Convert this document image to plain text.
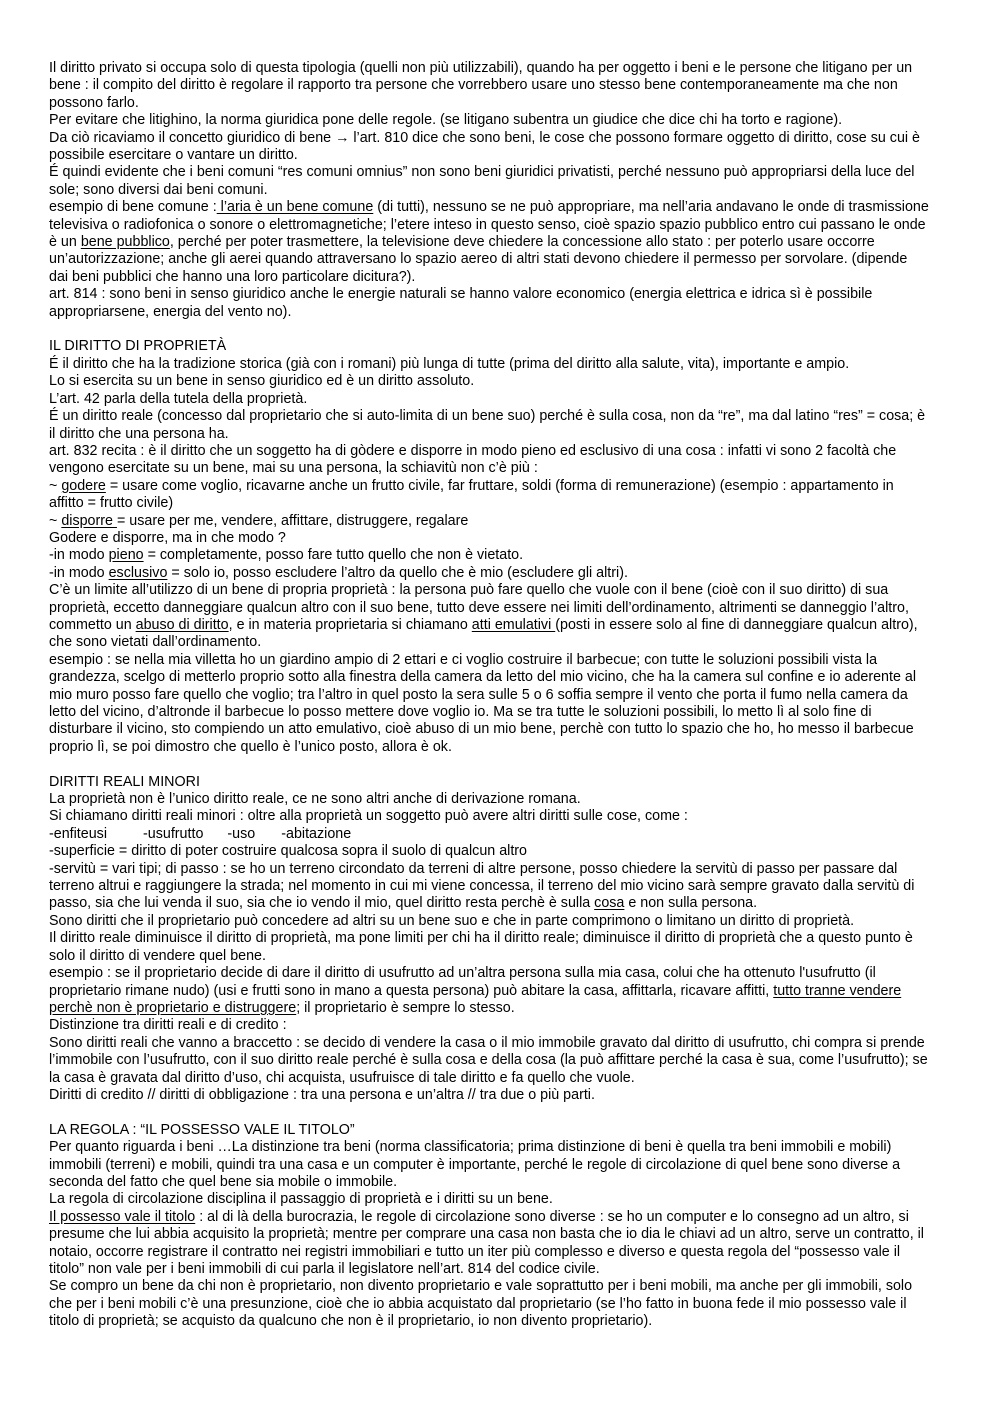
Il diritto privato si occupa solo di questa tipologia (quelli non più utilizzabili), quando ha per oggetto i beni e le persone che litigano per un bene : il compito del diritto è regolare il rapporto tra persone che vorrebbero usare uno stesso bene contemporaneamente ma che non possono farlo.

Per evitare che litighino, la norma giuridica pone delle regole. (se litigano subentra un giudice che dice chi ha torto e ragione).

Da ciò ricaviamo il concetto giuridico di bene → l’art. 810 dice che sono beni, le cose che possono formare oggetto di diritto, cose su cui è possibile esercitare o vantare un diritto.

É quindi evidente che i beni comuni “res comuni omnius” non sono beni giuridici privatisti, perché nessuno può appropriarsi della luce del sole; sono diversi dai beni comuni.

esempio di bene comune : l’aria è un bene comune (di tutti), nessuno se ne può appropriare, ma nell’aria andavano le onde di trasmissione televisiva o radiofonica o sonore o elettromagnetiche; l’etere inteso in questo senso, cioè spazio spazio pubblico entro cui passano le onde è un bene pubblico, perché per poter trasmettere, la televisione deve chiedere la concessione allo stato : per poterlo usare occorre un’autorizzazione; anche gli aerei quando attraversano lo spazio aereo di altri stati devono chiedere il permesso per sorvolare. (dipende dai beni pubblici che hanno una loro particolare dicitura?).

art. 814 : sono beni in senso giuridico anche le energie naturali se hanno valore economico (energia elettrica e idrica sì è possibile appropriarsene, energia del vento no).

IL DIRITTO DI PROPRIETÀ

É il diritto che ha la tradizione storica (già con i romani) più lunga di tutte (prima del diritto alla salute, vita), importante e ampio.

Lo si esercita su un bene in senso giuridico ed è un diritto assoluto.

L’art. 42 parla della tutela della proprietà.

É un diritto reale (concesso dal proprietario che si auto-limita di un bene suo) perché è sulla cosa, non da “re”, ma dal latino “res” = cosa; è il diritto che una persona ha.

art. 832 recita : è il diritto che un soggetto ha di gòdere e disporre in modo pieno ed esclusivo di una cosa : infatti vi sono 2 facoltà che vengono esercitate su un bene, mai su una persona, la schiavitù non c’è più :

~ godere = usare come voglio, ricavarne anche un frutto civile, far fruttare, soldi (forma di remunerazione) (esempio : appartamento in affitto = frutto civile)

~ disporre = usare per me, vendere, affittare, distruggere, regalare

Godere e disporre, ma in che modo ?

-in modo pieno = completamente, posso fare tutto quello che non è vietato.

-in modo esclusivo = solo io, posso escludere l’altro da quello che è mio (escludere gli altri).

C’è un limite all’utilizzo di un bene di propria proprietà : la persona può fare quello che vuole con il bene (cioè con il suo diritto) di sua proprietà, eccetto danneggiare qualcun altro con il suo bene, tutto deve essere nei limiti dell’ordinamento, altrimenti se danneggio l’altro, commetto un abuso di diritto, e in materia proprietaria si chiamano atti emulativi (posti in essere solo al fine di danneggiare qualcun altro), che sono vietati dall’ordinamento.

esempio : se nella mia villetta ho un giardino ampio di 2 ettari e ci voglio costruire il barbecue; con tutte le soluzioni possibili vista la grandezza, scelgo di metterlo proprio sotto alla finestra della camera da letto del mio vicino, che ha la camera sul confine e io aderente al mio muro posso fare quello che voglio; tra l’altro in quel posto la sera sulle 5 o 6 soffia sempre il vento che porta il fumo nella camera da letto del vicino, d’altronde il barbecue lo posso mettere dove voglio io. Ma se tra tutte le soluzioni possibili, lo metto lì al solo fine di disturbare il vicino, sto compiendo un atto emulativo, cioè abuso di un mio bene, perchè con tutto lo spazio che ho, ho messo il barbecue proprio lì, se poi dimostro che quello è l’unico posto, allora è ok.

DIRITTI REALI MINORI

La proprietà non è l’unico diritto reale, ce ne sono altri anche di derivazione romana.

Si chiamano diritti reali minori : oltre alla proprietà un soggetto può avere altri diritti sulle cose, come :

-enfiteusi	-usufrutto -uso -abitazione

-superficie = diritto di poter costruire qualcosa sopra il suolo di qualcun altro

-servitù = vari tipi; di passo : se ho un terreno circondato da terreni di altre persone, posso chiedere la servitù di passo per passare dal terreno altrui e raggiungere la strada; nel momento in cui mi viene concessa, il terreno del mio vicino sarà sempre gravato dalla servitù di passo, sia che lui venda il suo, sia che io vendo il mio, quel diritto resta perchè è sulla cosa e non sulla persona.

Sono diritti che il proprietario può concedere ad altri su un bene suo e che in parte comprimono o limitano un diritto di proprietà.

Il diritto reale diminuisce il diritto di proprietà, ma pone limiti per chi ha il diritto reale; diminuisce il diritto di proprietà che a questo punto è solo il diritto di vendere quel bene.

esempio : se il proprietario decide di dare il diritto di usufrutto ad un’altra persona sulla mia casa, colui che ha ottenuto l'usufrutto (il proprietario rimane nudo) (usi e frutti sono in mano a questa persona) può abitare la casa, affittarla, ricavare affitti, tutto tranne vendere perchè non è proprietario e distruggere; il proprietario è sempre lo stesso.

Distinzione tra diritti reali e di credito :

Sono diritti reali che vanno a braccetto : se decido di vendere la casa o il mio immobile gravato dal diritto di usufrutto, chi compra si prende l’immobile con l’usufrutto, con il suo diritto reale perché è sulla cosa e della cosa (la può affittare perché la casa è sua, come l’usufrutto); se la casa è gravata dal diritto d’uso, chi acquista, usufruisce di tale diritto e fa quello che vuole.

Diritti di credito // diritti di obbligazione : tra una persona e un’altra // tra due o più parti.

LA REGOLA : “IL POSSESSO VALE IL TITOLO”

Per quanto riguarda i beni …La distinzione tra beni (norma classificatoria; prima distinzione di beni è quella tra beni immobili e mobili) immobili (terreni) e mobili, quindi tra una casa e un computer è importante, perché le regole di circolazione di quel bene sono diverse a seconda del fatto che quel bene sia mobile o immobile.

La regola di circolazione disciplina il passaggio di proprietà e i diritti su un bene.

Il possesso vale il titolo : al di là della burocrazia, le regole di circolazione sono diverse : se ho un computer e lo consegno ad un altro, si presume che lui abbia acquisito la proprietà; mentre per comprare una casa non basta che io dia le chiavi ad un altro, serve un contratto, il notaio, occorre registrare il contratto nei registri immobiliari e tutto un iter più complesso e diverso e questa regola del “possesso vale il titolo” non vale per i beni immobili di cui parla il legislatore nell’art. 814 del codice civile.

Se compro un bene da chi non è proprietario, non divento proprietario e vale soprattutto per i beni mobili, ma anche per gli immobili, solo che per i beni mobili c’è una presunzione, cioè che io abbia acquistato dal proprietario (se l’ho fatto in buona fede il mio possesso vale il titolo di proprietà; se acquisto da qualcuno che non è il proprietario, io non divento proprietario).
